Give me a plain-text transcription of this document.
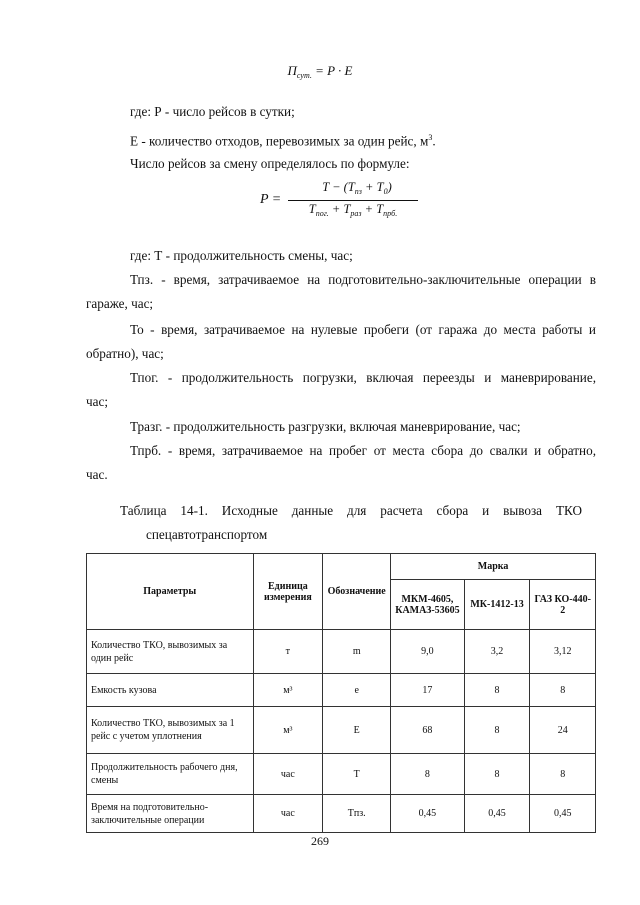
$П_{сут.} = P \cdot E$
где: Р - число рейсов в сутки;
Е - количество отходов, перевозимых за один рейс, $м^3$.
Число рейсов за смену определялось по формуле:
P =
$T - (T_{пз} + T_0)$
$T_{пог.} + T_{раз} + T_{прб.}$
где: Т - продолжительность смены, час;
Тпз. - время, затрачиваемое на подготовительно-заключительные операции в
гараже, час;
То - время, затрачиваемое на нулевые пробеги (от гаража до места работы и
обратно), час;
Тпог. - продолжительность погрузки, включая переезды и маневрирование,
час;
Тразг. - продолжительность разгрузки, включая маневрирование, час;
Тпрб. - время, затрачиваемое на пробег от места сбора до свалки и обратно,
час.
Таблица 14-1. Исходные данные для расчета сбора и вывоза ТКО
спецавтотранспортом
Параметры	Единица измерения	Обозначение	Марка		
			МКМ-4605, КАМАЗ-53605	МК-1412-13	ГАЗ КО-440-2
Количество ТКО, вывозимых за один рейс	т	m	9,0	3,2	3,12
Емкость кузова	м³	e	17	8	8
Количество ТКО, вывозимых за 1 рейс с учетом уплотнения	м³	E	68	8	24
Продолжительность рабочего дня, смены	час	T	8	8	8
Время на подготовительно-заключительные операции	час	Tпз.	0,45	0,45	0,45
269
